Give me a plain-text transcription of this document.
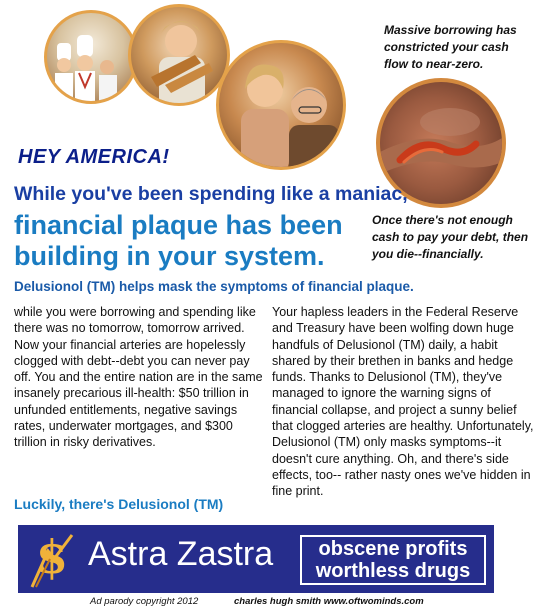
Massive borrowing has constricted your cash flow to near-zero.
Once there's not enough cash to pay your debt, then you die--financially.
HEY AMERICA!
While you've been spending like a maniac,
financial plaque has been
building in your system.
Delusionol (TM) helps mask the symptoms of financial plaque.
while you were borrowing and spending like there was no tomorrow, tomorrow arrived. Now your financial arteries are hopelessly clogged with debt--debt you can never pay off. You and the entire nation are in the same insanely precarious ill-health: $50 trillion in unfunded entitlements, negative savings rates, underwater mortgages, and $300 trillion in risky derivatives.
Luckily, there's Delusionol (TM)
Your hapless leaders in the Federal Reserve and Treasury have been wolfing down huge handfuls of Delusionol (TM) daily, a habit shared by their brethen in banks and hedge funds. Thanks to Delusionol (TM), they've managed to ignore the warning signs of financial collapse, and project a sunny belief that clogged arteries are healthy. Unfortunately, Delusionol (TM) only masks symptoms--it doesn't cure anything. Oh, and there's side effects, too-- rather nasty ones we've hidden in fine print.
$ Astra Zastra	obscene profits
worthless drugs
Ad parody copyright 2012	charles hugh smith www.oftwominds.com
